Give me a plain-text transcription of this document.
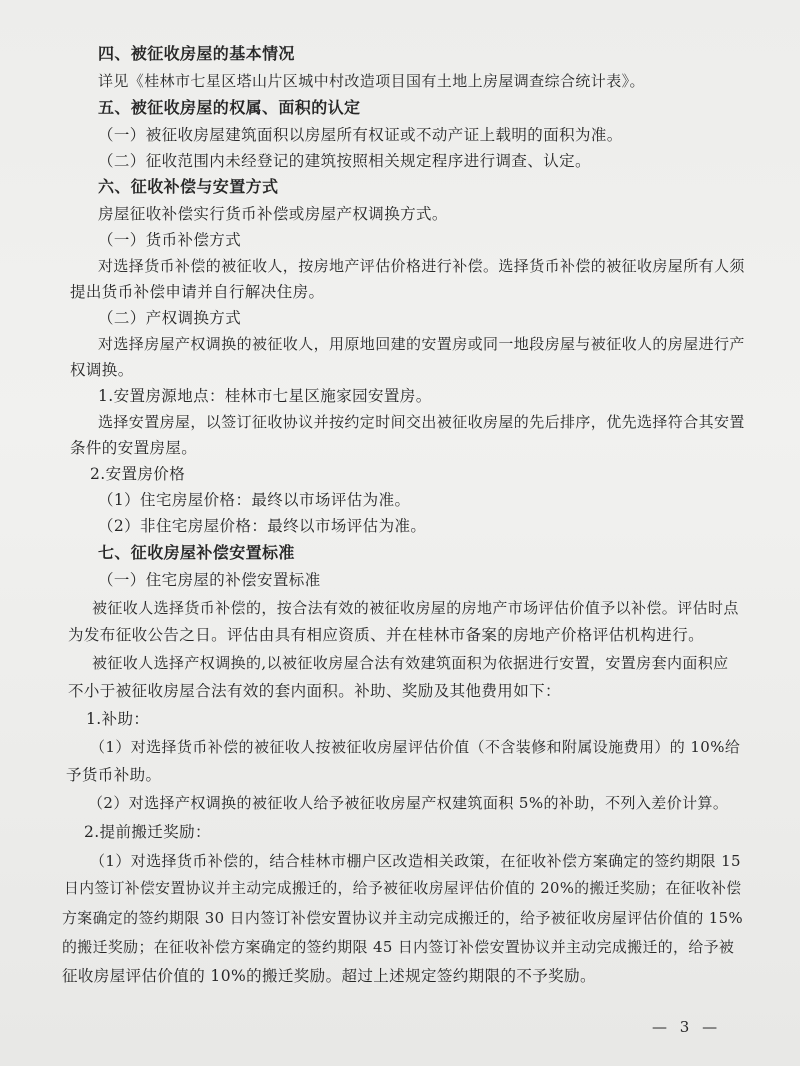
四、被征收房屋的基本情况
详见《桂林市七星区塔山片区城中村改造项目国有土地上房屋调查综合统计表》。
五、被征收房屋的权属、面积的认定
（一）被征收房屋建筑面积以房屋所有权证或不动产证上载明的面积为准。
（二）征收范围内未经登记的建筑按照相关规定程序进行调查、认定。
六、征收补偿与安置方式
房屋征收补偿实行货币补偿或房屋产权调换方式。
（一）货币补偿方式
对选择货币补偿的被征收人，按房地产评估价格进行补偿。选择货币补偿的被征收房屋所有人须
提出货币补偿申请并自行解决住房。
（二）产权调换方式
对选择房屋产权调换的被征收人，用原地回建的安置房或同一地段房屋与被征收人的房屋进行产
权调换。
1.安置房源地点：桂林市七星区施家园安置房。
选择安置房屋，以签订征收协议并按约定时间交出被征收房屋的先后排序，优先选择符合其安置
条件的安置房屋。
2.安置房价格
（1）住宅房屋价格：最终以市场评估为准。
（2）非住宅房屋价格：最终以市场评估为准。
七、征收房屋补偿安置标准
（一）住宅房屋的补偿安置标准
被征收人选择货币补偿的，按合法有效的被征收房屋的房地产市场评估价值予以补偿。评估时点
为发布征收公告之日。评估由具有相应资质、并在桂林市备案的房地产价格评估机构进行。
被征收人选择产权调换的,以被征收房屋合法有效建筑面积为依据进行安置，安置房套内面积应
不小于被征收房屋合法有效的套内面积。补助、奖励及其他费用如下：
1.补助：
（1）对选择货币补偿的被征收人按被征收房屋评估价值（不含装修和附属设施费用）的 10%给
予货币补助。
（2）对选择产权调换的被征收人给予被征收房屋产权建筑面积 5%的补助，不列入差价计算。
2.提前搬迁奖励：
（1）对选择货币补偿的，结合桂林市棚户区改造相关政策，在征收补偿方案确定的签约期限 15
日内签订补偿安置协议并主动完成搬迁的，给予被征收房屋评估价值的 20%的搬迁奖励；在征收补偿
方案确定的签约期限 30 日内签订补偿安置协议并主动完成搬迁的，给予被征收房屋评估价值的 15%
的搬迁奖励；在征收补偿方案确定的签约期限 45 日内签订补偿安置协议并主动完成搬迁的，给予被
征收房屋评估价值的 10%的搬迁奖励。超过上述规定签约期限的不予奖励。
— 3 —
